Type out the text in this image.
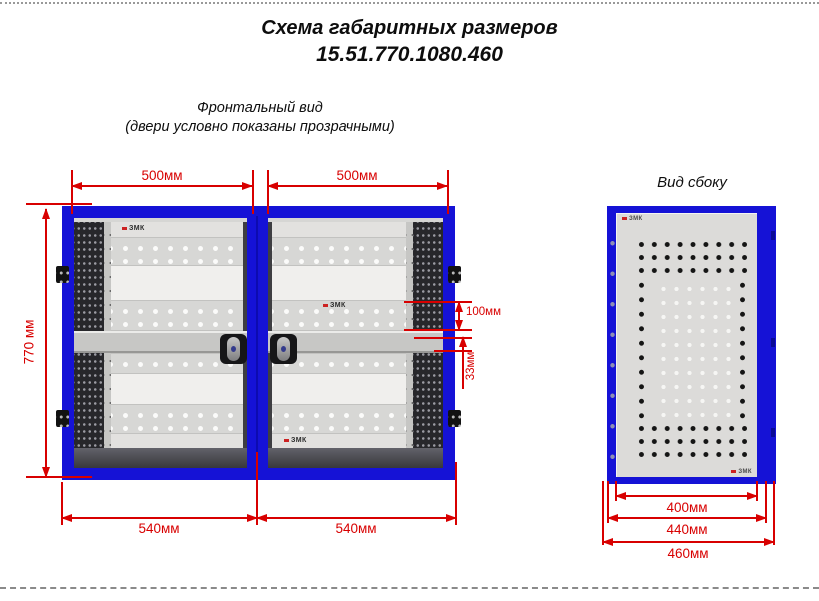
Схема габаритных размеров
15.51.770.1080.460
Фронтальный вид
(двери условно показаны прозрачными)
Вид сбоку
ЗМК
ЗМК
ЗМК
500мм	500мм
770 мм
540мм	540мм
100мм
33мм
ЗМК
ЗМК
400мм
440мм
460мм
